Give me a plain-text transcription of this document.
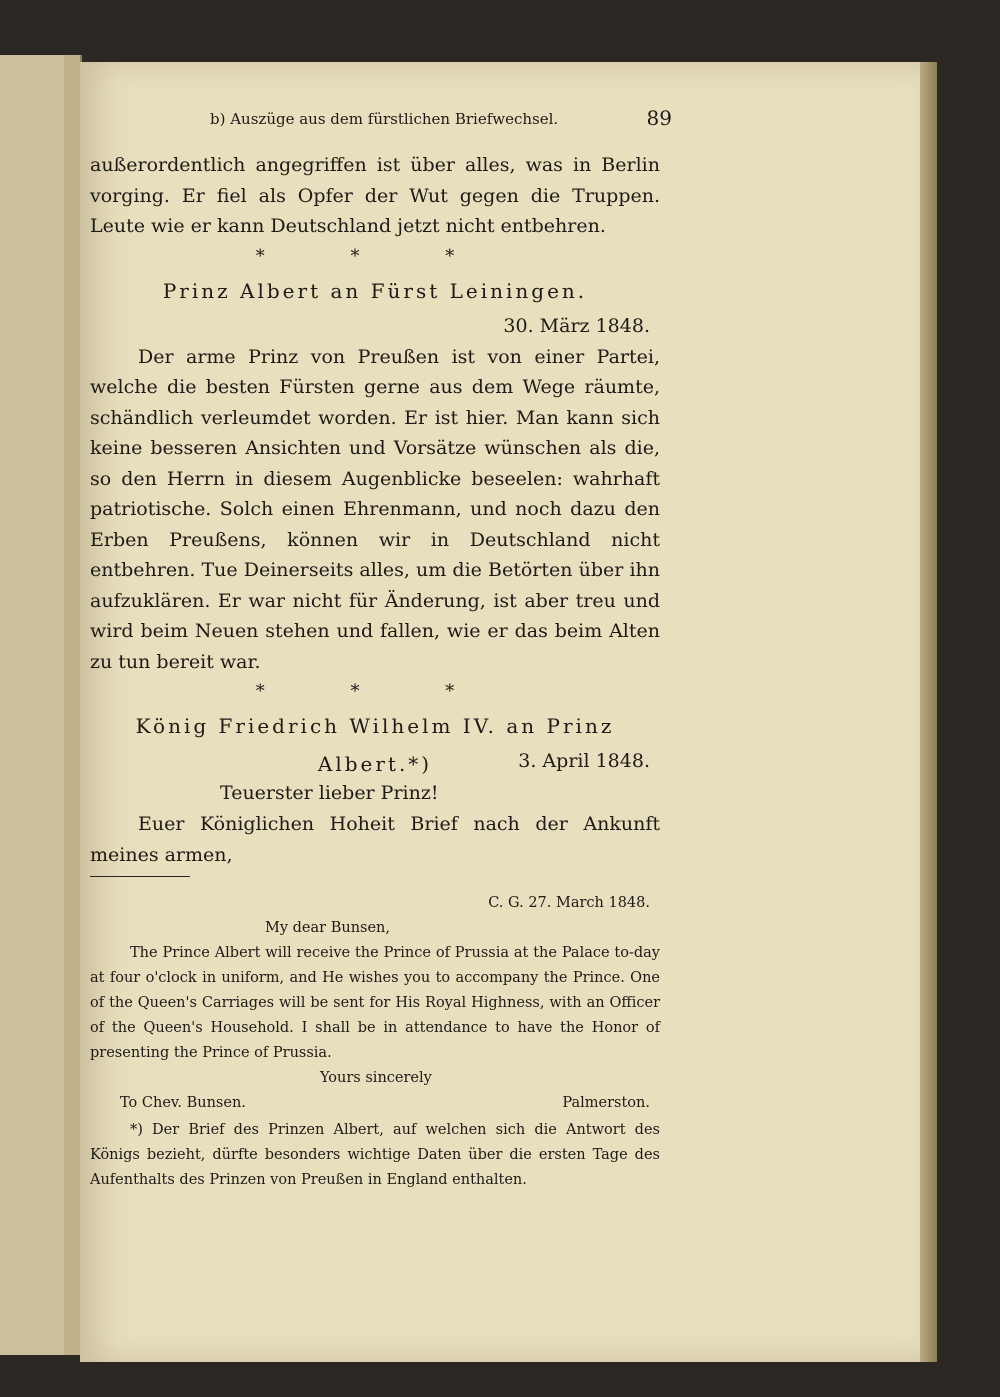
b) Auszüge aus dem fürstlichen Briefwechsel.	89

außerordentlich angegriffen ist über alles, was in Berlin vorging. Er fiel als Opfer der Wut gegen die Truppen. Leute wie er kann Deutschland jetzt nicht entbehren.

* * *
Prinz Albert an Fürst Leiningen.
30. März 1848.

Der arme Prinz von Preußen ist von einer Partei, welche die besten Fürsten gerne aus dem Wege räumte, schändlich verleumdet worden. Er ist hier. Man kann sich keine besseren Ansichten und Vorsätze wünschen als die, so den Herrn in diesem Augenblicke beseelen: wahrhaft patriotische. Solch einen Ehrenmann, und noch dazu den Erben Preußens, können wir in Deutschland nicht entbehren. Tue Deinerseits alles, um die Betörten über ihn aufzuklären. Er war nicht für Änderung, ist aber treu und wird beim Neuen stehen und fallen, wie er das beim Alten zu tun bereit war.

* * *
König Friedrich Wilhelm IV. an Prinz Albert.*)	3. April 1848.
Teuerster lieber Prinz!

Euer Königlichen Hoheit Brief nach der Ankunft meines armen,

C. G. 27. March 1848.
My dear Bunsen,
The Prince Albert will receive the Prince of Prussia at the Palace to-day at four o'clock in uniform, and He wishes you to accompany the Prince. One of the Queen's Carriages will be sent for His Royal Highness, with an Officer of the Queen's Household. I shall be in attendance to have the Honor of presenting the Prince of Prussia.
Yours sincerely
To Chev. Bunsen.	Palmerston.
*) Der Brief des Prinzen Albert, auf welchen sich die Antwort des Königs bezieht, dürfte besonders wichtige Daten über die ersten Tage des Aufenthalts des Prinzen von Preußen in England enthalten.
